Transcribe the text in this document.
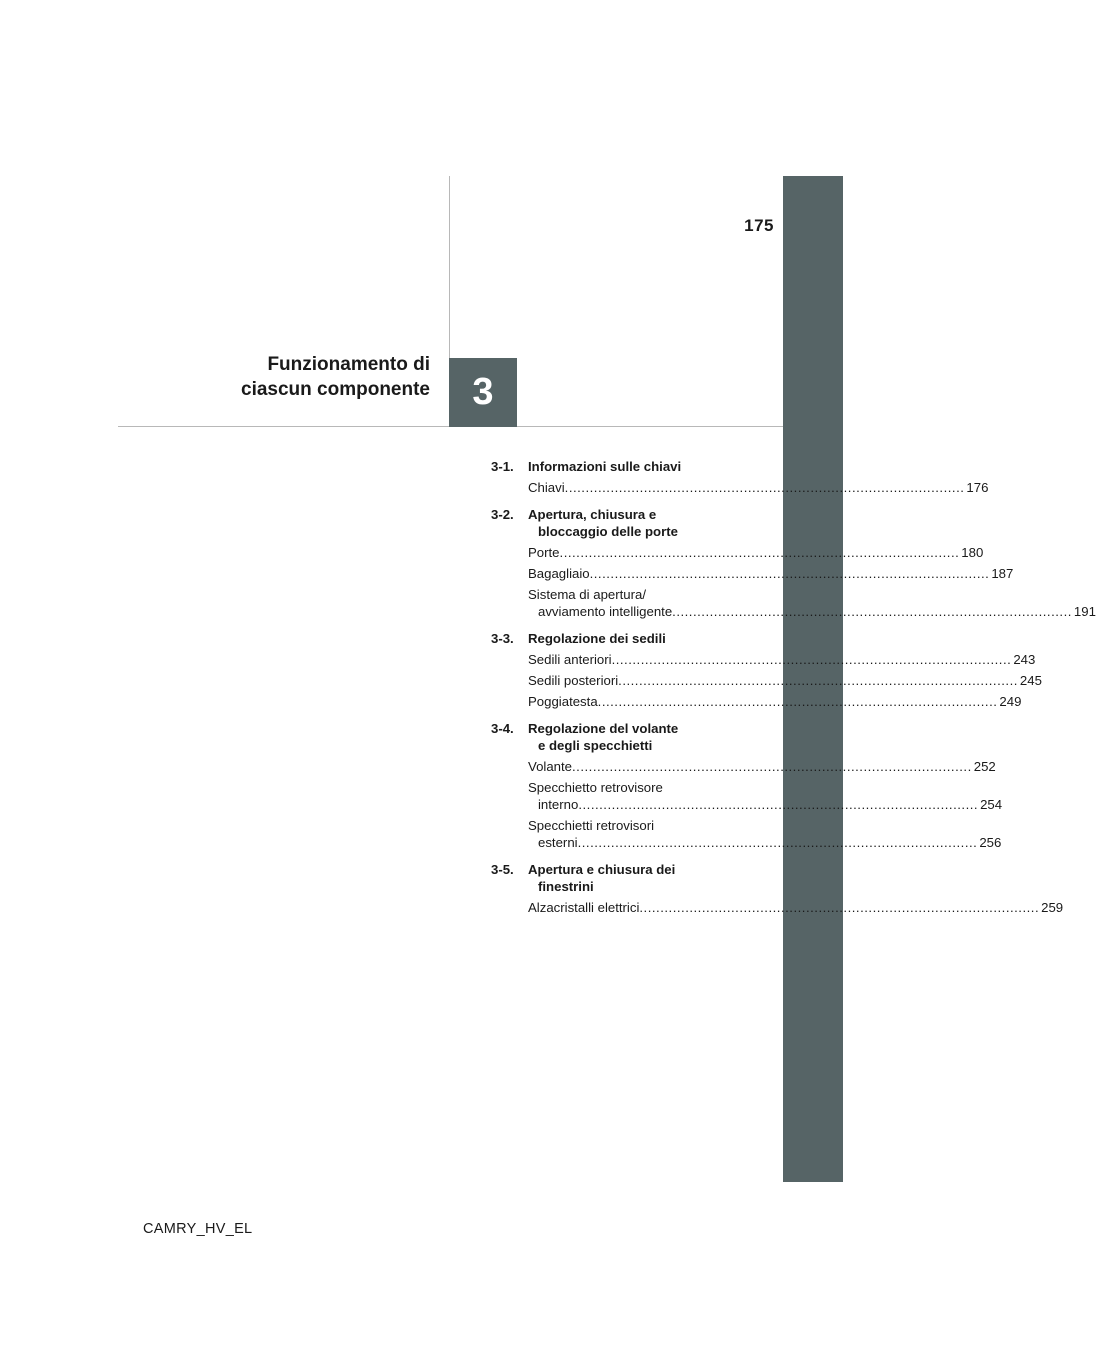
3
175
Funzionamento di
ciascun componente
3-1.	Informazioni sulle chiavi
Chiavi .....	176
3-2.	Apertura, chiusura e
bloccaggio delle porte
Porte .....	180
Bagagliaio .....	187
Sistema di apertura/
avviamento intelligente .....	191
3-3.	Regolazione dei sedili
Sedili anteriori .....	243
Sedili posteriori .....	245
Poggiatesta .....	249
3-4.	Regolazione del volante
e degli specchietti
Volante .....	252
Specchietto retrovisore
interno .....	254
Specchietti retrovisori
esterni .....	256
3-5.	Apertura e chiusura dei
finestrini
Alzacristalli elettrici .....	259
CAMRY_HV_EL
